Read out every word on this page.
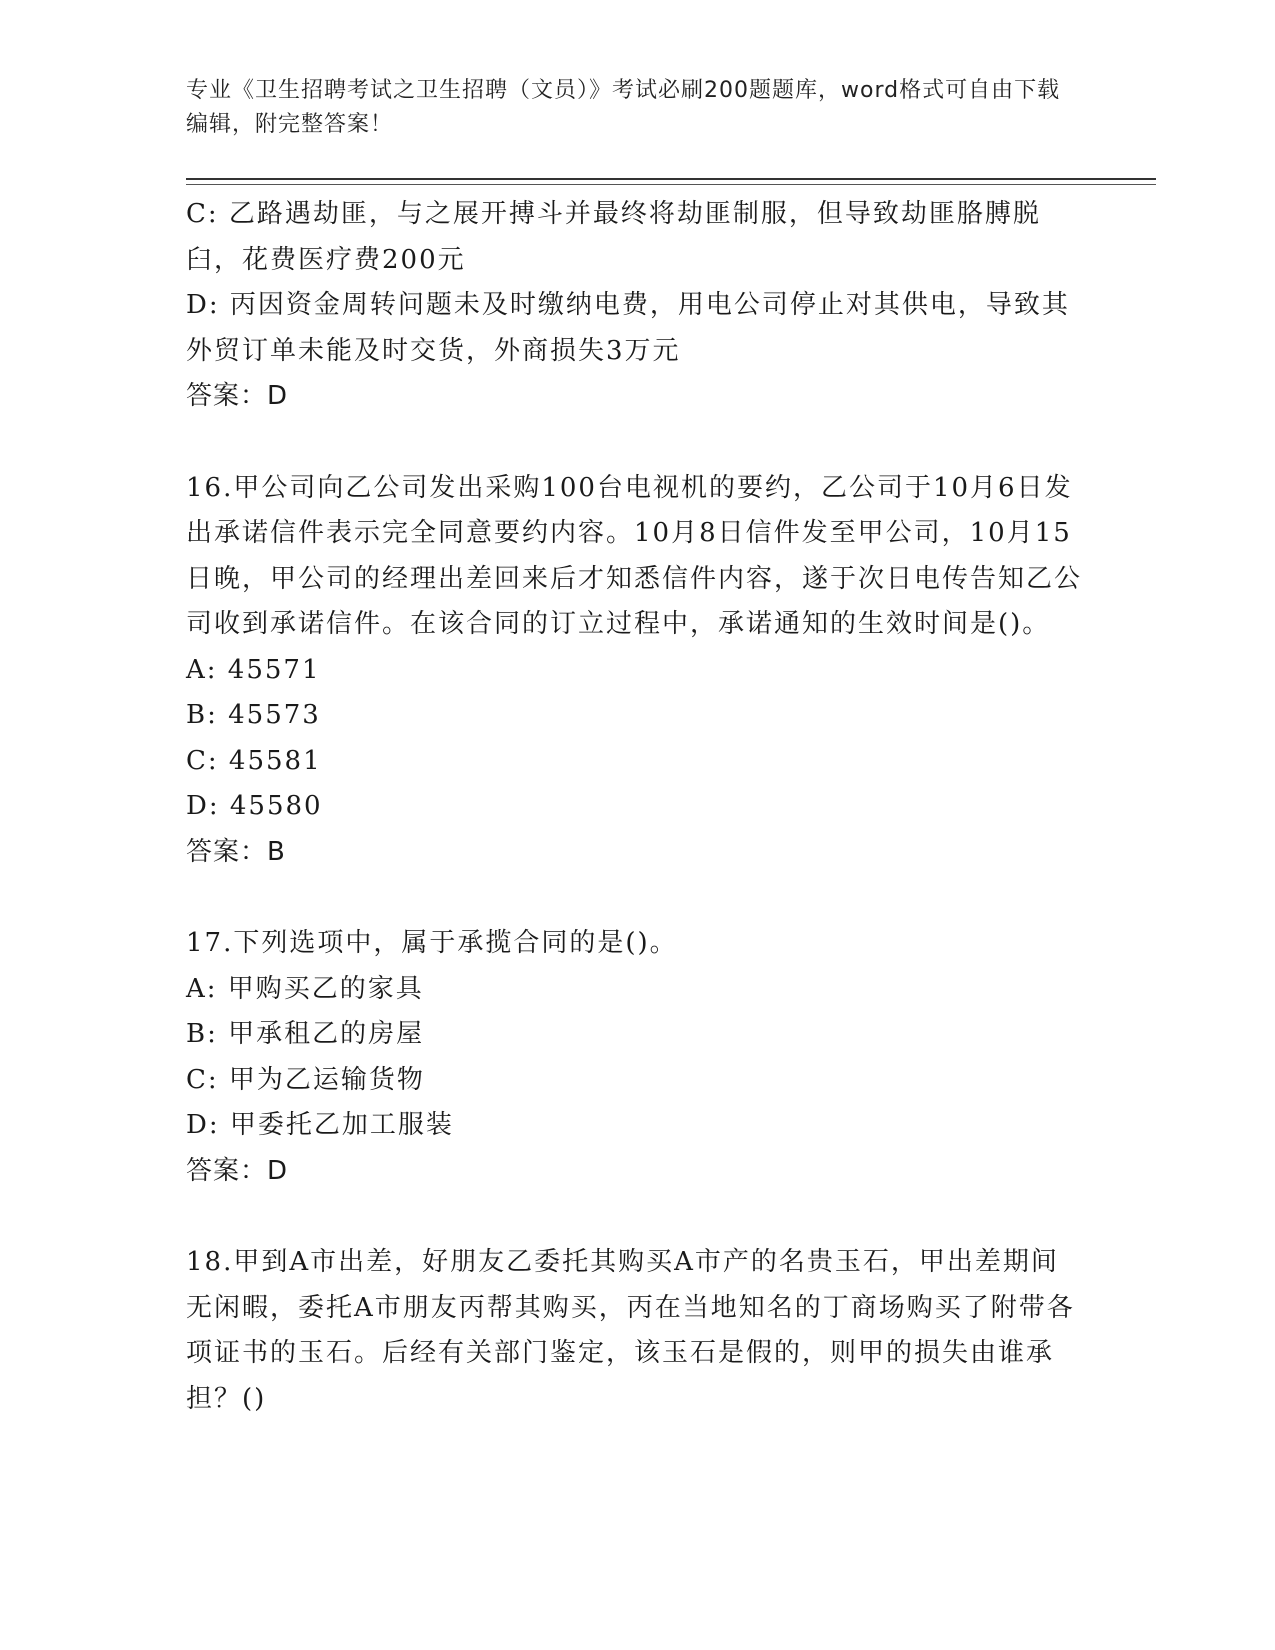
专业《卫生招聘考试之卫生招聘（文员）》考试必刷200题题库，word格式可自由下载编辑，附完整答案！
C: 乙路遇劫匪，与之展开搏斗并最终将劫匪制服，但导致劫匪胳膊脱臼，花费医疗费200元
D: 丙因资金周转问题未及时缴纳电费，用电公司停止对其供电，导致其外贸订单未能及时交货，外商损失3万元
答案：D
16.甲公司向乙公司发出采购100台电视机的要约，乙公司于10月6日发出承诺信件表示完全同意要约内容。10月8日信件发至甲公司，10月15日晚，甲公司的经理出差回来后才知悉信件内容，遂于次日电传告知乙公司收到承诺信件。在该合同的订立过程中，承诺通知的生效时间是()。
A: 45571
B: 45573
C: 45581
D: 45580
答案：B
17.下列选项中，属于承揽合同的是()。
A: 甲购买乙的家具
B: 甲承租乙的房屋
C: 甲为乙运输货物
D: 甲委托乙加工服装
答案：D
18.甲到A市出差，好朋友乙委托其购买A市产的名贵玉石，甲出差期间无闲暇，委托A市朋友丙帮其购买，丙在当地知名的丁商场购买了附带各项证书的玉石。后经有关部门鉴定，该玉石是假的，则甲的损失由谁承担？()
